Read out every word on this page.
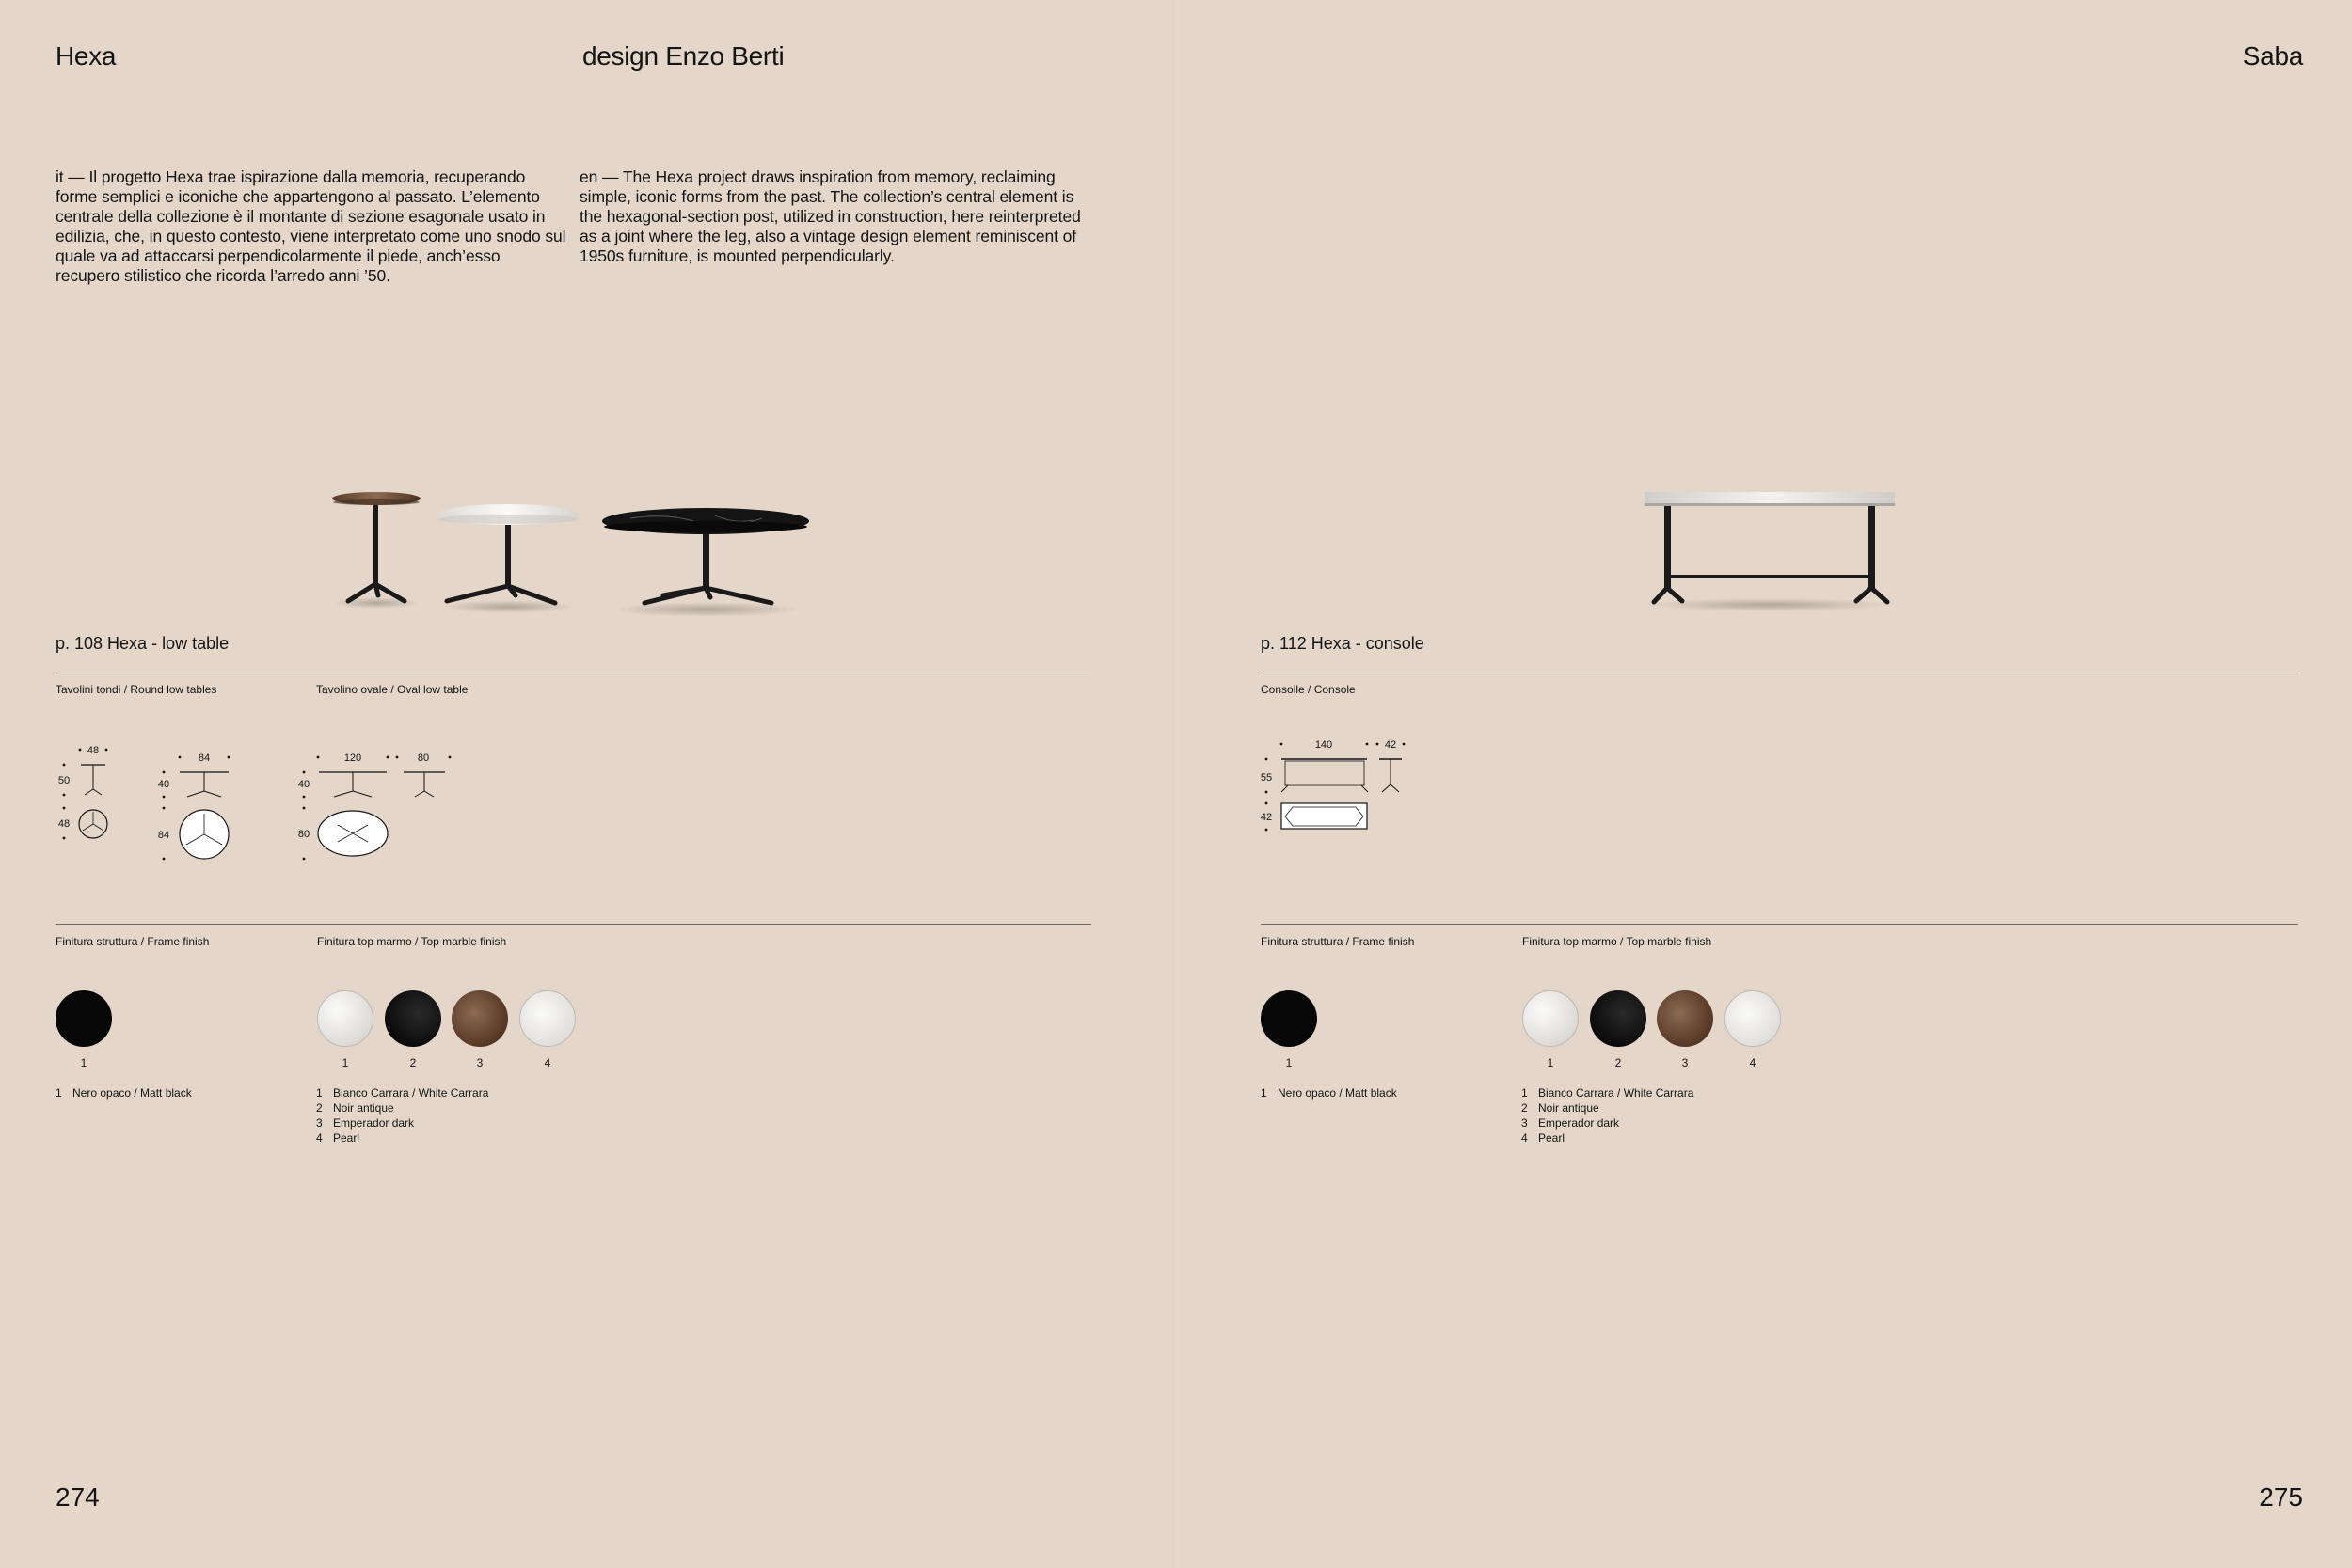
Hexa	design Enzo Berti
it — Il progetto Hexa trae ispirazione dalla memoria, recuperando forme semplici e iconiche che appartengono al passato. L’elemento centrale della collezione è il montante di sezione esagonale usato in edilizia, che, in questo contesto, viene interpretato come uno snodo sul quale va ad attaccarsi perpendicolarmente il piede, anch’esso recupero stilistico che ricorda l’arredo anni ’50.
en — The Hexa project draws inspiration from memory, reclaiming simple, iconic forms from the past. The collection’s central element is the hexagonal-section post, utilized in construction, here reinterpreted as a joint where the leg, also a vintage design element reminiscent of 1950s furniture, is mounted perpendicularly.
p. 108 Hexa - low table
Tavolini tondi / Round low tables	Tavolino ovale / Oval low table
48
50
48
84
40
84
120	80
40
80
Finitura struttura / Frame finish	Finitura top marmo / Top marble finish
1	1	2	3	4
1 Nero opaco / Matt black	1 Bianco Carrara / White Carrara
2 Noir antique
3 Emperador dark
4 Pearl
274
Saba
p. 112 Hexa - console
Consolle / Console
140	42
55
42
Finitura struttura / Frame finish	Finitura top marmo / Top marble finish
1	1	2	3	4
1 Nero opaco / Matt black	1 Bianco Carrara / White Carrara
2 Noir antique
3 Emperador dark
4 Pearl
275
